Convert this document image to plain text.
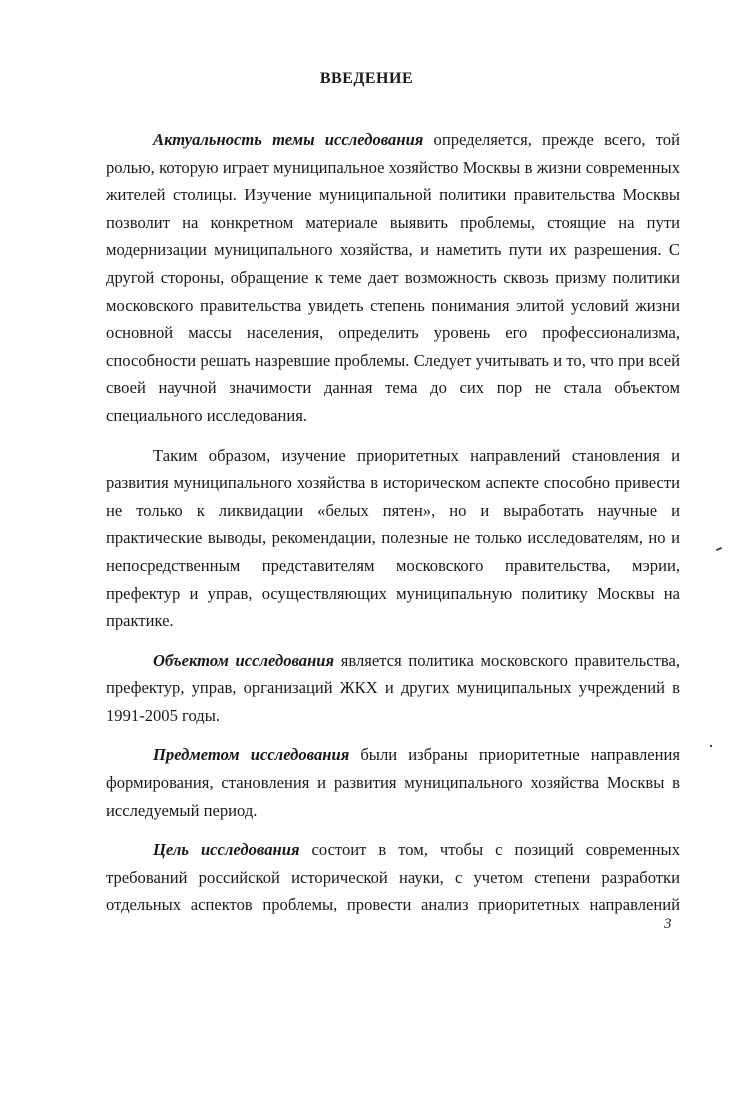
ВВЕДЕНИЕ

Актуальность темы исследования определяется, прежде всего, той ролью, которую играет муниципальное хозяйство Москвы в жизни современных жителей столицы. Изучение муниципальной политики правительства Москвы позволит на конкретном материале выявить проблемы, стоящие на пути модернизации муниципального хозяйства, и наметить пути их разрешения. С другой стороны, обращение к теме дает возможность сквозь призму политики московского правительства увидеть степень понимания элитой условий жизни основной массы населения, определить уровень его профессионализма, способности решать назревшие проблемы. Следует учитывать и то, что при всей своей научной значимости данная тема до сих пор не стала объектом специального исследования.

Таким образом, изучение приоритетных направлений становления и развития муниципального хозяйства в историческом аспекте способно привести не только к ликвидации «белых пятен», но и выработать научные и практические выводы, рекомендации, полезные не только исследователям, но и непосредственным представителям московского правительства, мэрии, префектур и управ, осуществляющих муниципальную политику Москвы на практике.

Объектом исследования является политика московского правительства, префектур, управ, организаций ЖКХ и других муниципальных учреждений в 1991-2005 годы.

Предметом исследования были избраны приоритетные направления формирования, становления и развития муниципального хозяйства Москвы в исследуемый период.

Цель исследования состоит в том, чтобы с позиций современных требований российской исторической науки, с учетом степени разработки отдельных аспектов проблемы, провести анализ приоритетных направлений

3
